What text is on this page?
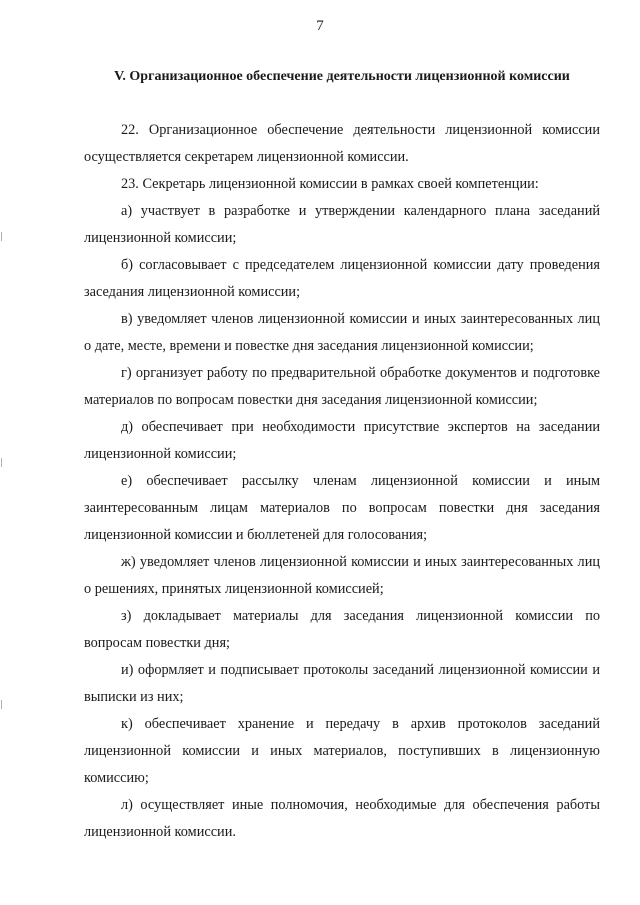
7
V. Организационное обеспечение деятельности лицензионной комиссии

22. Организационное обеспечение деятельности лицензионной комиссии осуществляется секретарем лицензионной комиссии.

23. Секретарь лицензионной комиссии в рамках своей компетенции:

а) участвует в разработке и утверждении календарного плана заседаний лицензионной комиссии;

б) согласовывает с председателем лицензионной комиссии дату проведения заседания лицензионной комиссии;

в) уведомляет членов лицензионной комиссии и иных заинтересованных лиц о дате, месте, времени и повестке дня заседания лицензионной комиссии;

г) организует работу по предварительной обработке документов и подготовке материалов по вопросам повестки дня заседания лицензионной комиссии;

д) обеспечивает при необходимости присутствие экспертов на заседании лицензионной комиссии;

е) обеспечивает рассылку членам лицензионной комиссии и иным заинтересованным лицам материалов по вопросам повестки дня заседания лицензионной комиссии и бюллетеней для голосования;

ж) уведомляет членов лицензионной комиссии и иных заинтересованных лиц о решениях, принятых лицензионной комиссией;

з) докладывает материалы для заседания лицензионной комиссии по вопросам повестки дня;

и) оформляет и подписывает протоколы заседаний лицензионной комиссии и выписки из них;

к) обеспечивает хранение и передачу в архив протоколов заседаний лицензионной комиссии и иных материалов, поступивших в лицензионную комиссию;

л) осуществляет иные полномочия, необходимые для обеспечения работы лицензионной комиссии.
